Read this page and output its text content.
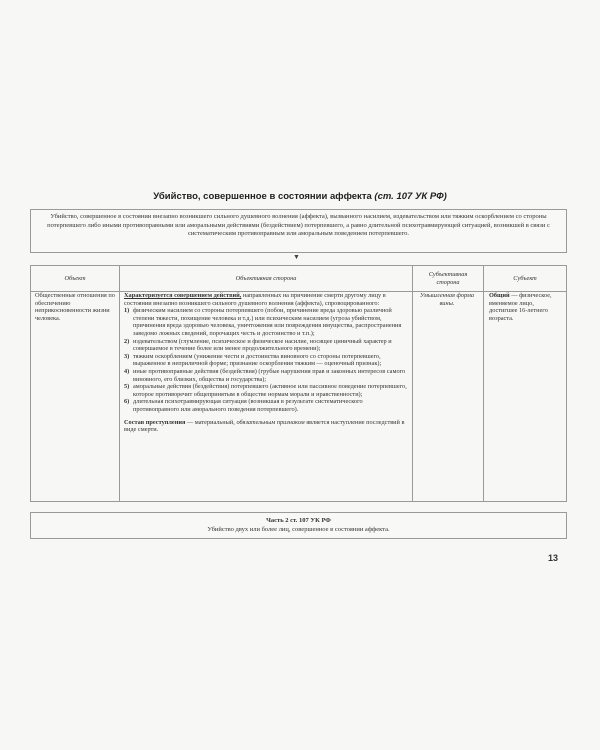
Убийство, совершенное в состоянии аффекта (ст. 107 УК РФ)
Убийство, совершенное в состоянии внезапно возникшего сильного душевного волнения (аффекта), вызванного насилием, издевательством или тяжким оскорблением со стороны потерпевшего либо иными противоправными или аморальными действиями (бездействием) потерпевшего, а равно длительной психотравмирующей ситуацией, возникшей в связи с систематическим противоправным или аморальным поведением потерпевшего.
▼
Объект	Объективная сторона
Субъективная сторона
Субъект
Общественные отношения по обеспечению неприкосновенности жизни человека.
Характеризуется совершением действий, направленных на причинение смерти другому лицу в состоянии внезапно возникшего сильного душевного волнения (аффекта), спровоцированного:
1) физическим насилием со стороны потерпевшего (побои, причинение вреда здоровью различной степени тяжести, похищение человека и т.д.) или психическим насилием (угроза убийством, причинения вреда здоровью человека, уничтожения или повреждения имущества, распространения заведомо ложных сведений, порочащих честь и достоинство и т.п.);
2) издевательством (глумление, психическое и физическое насилие, носящее циничный характер и совершаемое в течение более или менее продолжительного времени);
3) тяжким оскорблением (унижение чести и достоинства виновного со стороны потерпевшего, выраженное в неприличной форме; признание оскорбления тяжким — оценочный признак);
4) иные противоправные действия (бездействия) (грубые нарушения прав и законных интересов самого виновного, его близких, общества и государства);
5) аморальные действия (бездействия) потерпевшего (активное или пассивное поведение потерпевшего, которое противоречит общепринятым в обществе нормам морали и нравственности);
6) длительная психотравмирующая ситуация (возникшая в результате систематического противоправного или аморального поведения потерпевшего).
Состав преступления — материальный, обязательным признаком является наступление последствий в виде смерти.
Умышленная форма вины.
Общий — физическое, вменяемое лицо, достигшее 16-летнего возраста.
Часть 2 ст. 107 УК РФ
Убийство двух или более лиц, совершенное в состоянии аффекта.
13
